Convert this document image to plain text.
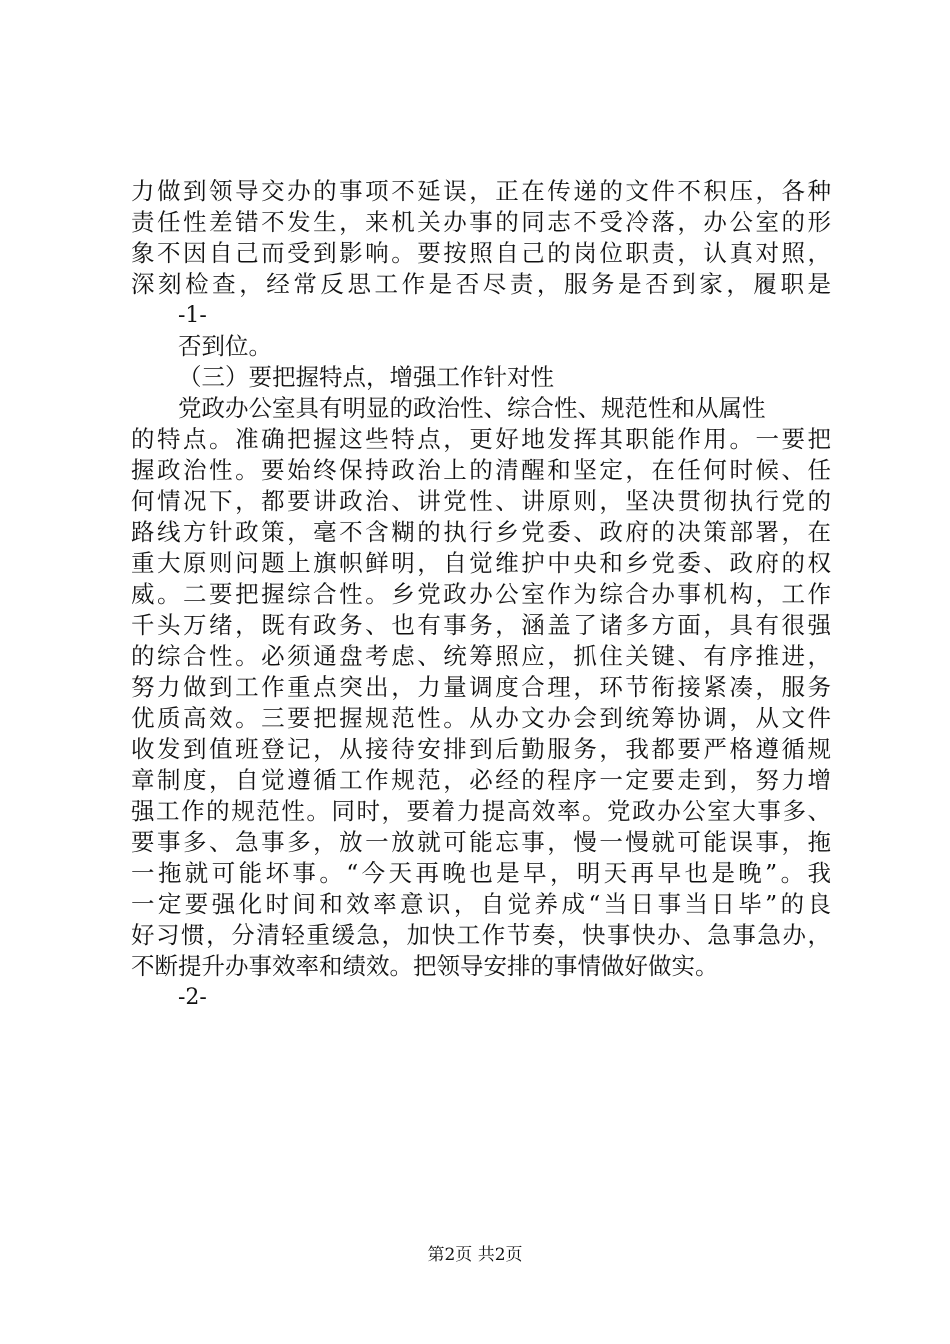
力做到领导交办的事项不延误，正在传递的文件不积压，各种
责任性差错不发生，来机关办事的同志不受冷落，办公室的形
象不因自己而受到影响。要按照自己的岗位职责，认真对照，
深刻检查，经常反思工作是否尽责，服务是否到家，履职是
-1-
否到位。
（三）要把握特点，增强工作针对性
党政办公室具有明显的政治性、综合性、规范性和从属性
的特点。准确把握这些特点，更好地发挥其职能作用。一要把
握政治性。要始终保持政治上的清醒和坚定，在任何时候、任
何情况下，都要讲政治、讲党性、讲原则，坚决贯彻执行党的
路线方针政策，毫不含糊的执行乡党委、政府的决策部署，在
重大原则问题上旗帜鲜明，自觉维护中央和乡党委、政府的权
威。二要把握综合性。乡党政办公室作为综合办事机构，工作
千头万绪，既有政务、也有事务，涵盖了诸多方面，具有很强
的综合性。必须通盘考虑、统筹照应，抓住关键、有序推进，
努力做到工作重点突出，力量调度合理，环节衔接紧凑，服务
优质高效。三要把握规范性。从办文办会到统筹协调，从文件
收发到值班登记，从接待安排到后勤服务，我都要严格遵循规
章制度，自觉遵循工作规范，必经的程序一定要走到，努力增
强工作的规范性。同时，要着力提高效率。党政办公室大事多、
要事多、急事多，放一放就可能忘事，慢一慢就可能误事，拖
一拖就可能坏事。“今天再晚也是早，明天再早也是晚”。我
一定要强化时间和效率意识，自觉养成“当日事当日毕”的良
好习惯，分清轻重缓急，加快工作节奏，快事快办、急事急办，
不断提升办事效率和绩效。把领导安排的事情做好做实。
-2-
第2页 共2页
